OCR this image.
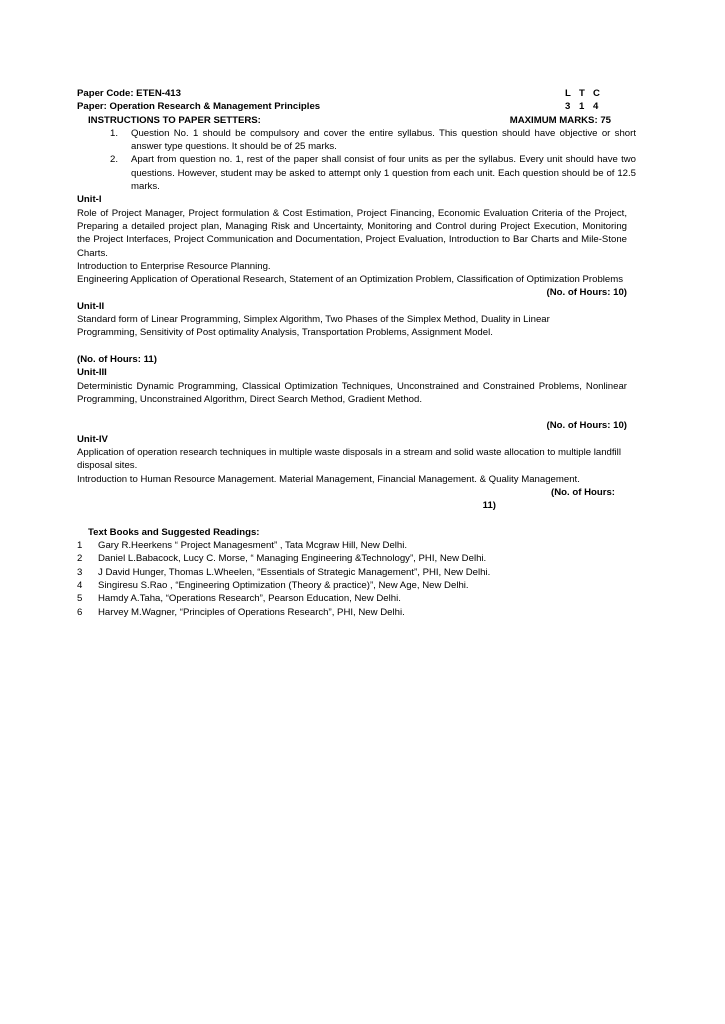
Paper Code: ETEN-413	L T C
Paper: Operation Research & Management Principles	3 1 4
INSTRUCTIONS TO PAPER SETTERS:	MAXIMUM MARKS: 75
1.	Question No. 1 should be compulsory and cover the entire syllabus. This question should have objective or short answer type questions. It should be of 25 marks.
2.	Apart from question no. 1, rest of the paper shall consist of four units as per the syllabus. Every unit should have two questions. However, student may be asked to attempt only 1 question from each unit. Each question should be of 12.5 marks.

Unit-I

Role of Project Manager, Project formulation & Cost Estimation, Project Financing, Economic Evaluation Criteria of the Project, Preparing a detailed project plan, Managing Risk and Uncertainty, Monitoring and Control during Project Execution, Monitoring the Project Interfaces, Project Communication and Documentation, Project Evaluation, Introduction to Bar Charts and Mile-Stone Charts.

Introduction to Enterprise Resource Planning.

Engineering Application of Operational Research, Statement of an Optimization Problem, Classification of Optimization Problems

(No. of Hours: 10)

Unit-II

Standard form of Linear Programming, Simplex Algorithm, Two Phases of the Simplex Method, Duality in Linear Programming, Sensitivity of Post optimality Analysis, Transportation Problems, Assignment Model.

(No. of Hours: 11)

Unit-III

Deterministic Dynamic Programming, Classical Optimization Techniques, Unconstrained and Constrained Problems, Nonlinear Programming, Unconstrained Algorithm, Direct Search Method, Gradient Method.

(No. of Hours: 10)

Unit-IV

Application of operation research techniques in multiple waste disposals in a stream and solid waste allocation to multiple landfill disposal sites.

Introduction to Human Resource Management. Material Management, Financial Management. & Quality Management.

(No. of Hours:

11)

Text Books and Suggested Readings:

1	Gary R.Heerkens “ Project Managesment” , Tata Mcgraw Hill, New Delhi.
2	Daniel L.Babacock, Lucy C. Morse, “ Managing Engineering &Technology”, PHI, New Delhi.
3	J David Hunger, Thomas L.Wheelen, “Essentials of Strategic Management”, PHI, New Delhi.
4	Singiresu S.Rao , “Engineering Optimization (Theory & practice)”, New Age, New Delhi.
5	Hamdy A.Taha, “Operations Research”, Pearson Education, New Delhi.
6	Harvey M.Wagner, “Principles of Operations Research”, PHI, New Delhi.
